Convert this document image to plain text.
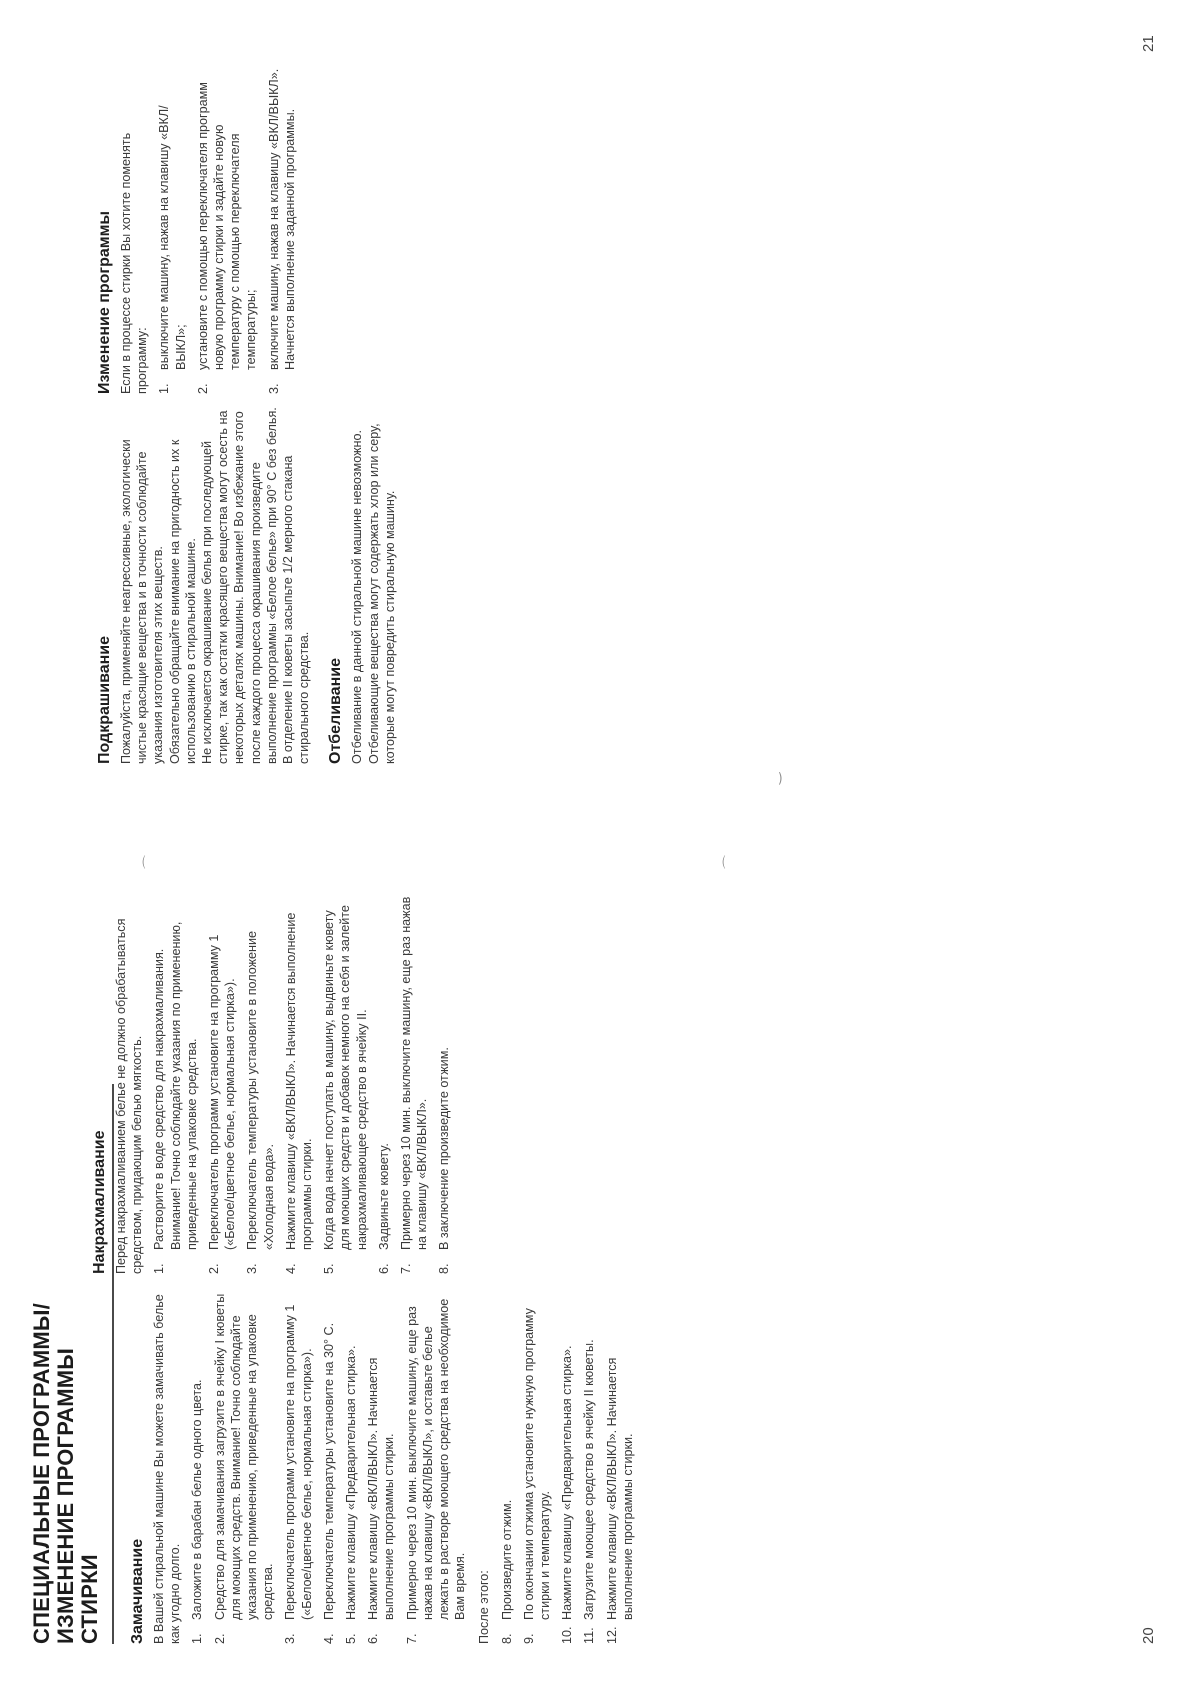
СПЕЦИАЛЬНЫЕ ПРОГРАММЫ/
ИЗМЕНЕНИЕ ПРОГРАММЫ СТИРКИ Замачивание В Вашей стиральной машине Вы можете замачивать белье как угодно долго. 1.
Заложите в барабан белье одного цвета.
2.
Средство для замачивания загрузите в ячейку I кюветы для моющих средств. Внимание! Точно соблюдайте указания по применению, приведенные на упаковке средства.
3.
Переключатель программ установите на программу 1 («Белое/цветное белье, нормальная стирка»).
4.
Переключатель температуры установите на 30° С.
5.
Нажмите клавишу «Предварительная стирка».
6.
Нажмите клавишу «ВКЛ/ВЫКЛ». Начинается выполнение программы стирки.
7.
Примерно через 10 мин. выключите машину, еще раз нажав на клавишу «ВКЛ/ВЫКЛ», и оставьте белье лежать в растворе моющего средства на необходимое Вам время. После этого: 8.
Произведите отжим.
9.
По окончании отжима установите нужную программу стирки и температуру.
10.
Нажмите клавишу «Предварительная стирка».
11.
Загрузите моющее средство в ячейку II кюветы.
12.
Нажмите клавишу «ВКЛ/ВЫКЛ». Начинается выполнение программы стирки.
Накрахмаливание Перед накрахмаливанием белье не должно обрабатываться средством, придающим белью мягкость. 1.
Растворите в воде средство для накрахмаливания. Внимание! Точно соблюдайте указания по применению, приведенные на упаковке средства.
2.
Переключатель программ установите на программу 1 («Белое/цветное белье, нормальная стирка»).
3.
Переключатель температуры установите в положение «Холодная вода».
4.
Нажмите клавишу «ВКЛ/ВЫКЛ». Начинается выполнение программы стирки.
5.
Когда вода начнет поступать в машину, выдвиньте кювету для моющих средств и добавок немного на себя и залейте накрахмаливающее средство в ячейку II.
6.
Задвиньте кювету.
7.
Примерно через 10 мин. выключите машину, еще раз нажав на клавишу «ВКЛ/ВЫКЛ».
8.
В заключение произведите отжим.
20
⌒	⌒
‿
Подкрашивание Пожалуйста, применяйте неагрессивные, экологически чистые красящие вещества и в точности соблюдайте указания изготовителя этих веществ. Обязательно обращайте внимание на пригодность их к использованию в стиральной машине. Не исключается окрашивание белья при последующей стирке, так как остатки красящего вещества могут осесть на некоторых деталях машины. Внимание! Во избежание этого после каждого процесса окрашивания произведите выполнение программы «Белое белье» при 90° С без белья. В отделение II кюветы засыпьте 1/2 мерного стакана стирального средства. Отбеливание Отбеливание в данной стиральной машине невозможно. Отбеливающие вещества могут содержать хлор или серу, которые могут повредить стиральную машину.

Изменение программы Если в процессе стирки Вы хотите поменять программу: 1.
выключите машину, нажав на клавишу «ВКЛ/ВЫКЛ»;
2.
установите с помощью переключателя программ новую программу стирки и задайте новую температуру с помощью переключателя температуры;
3.
включите машину, нажав на клавишу «ВКЛ/ВЫКЛ». Начнется выполнение заданной программы.
21
